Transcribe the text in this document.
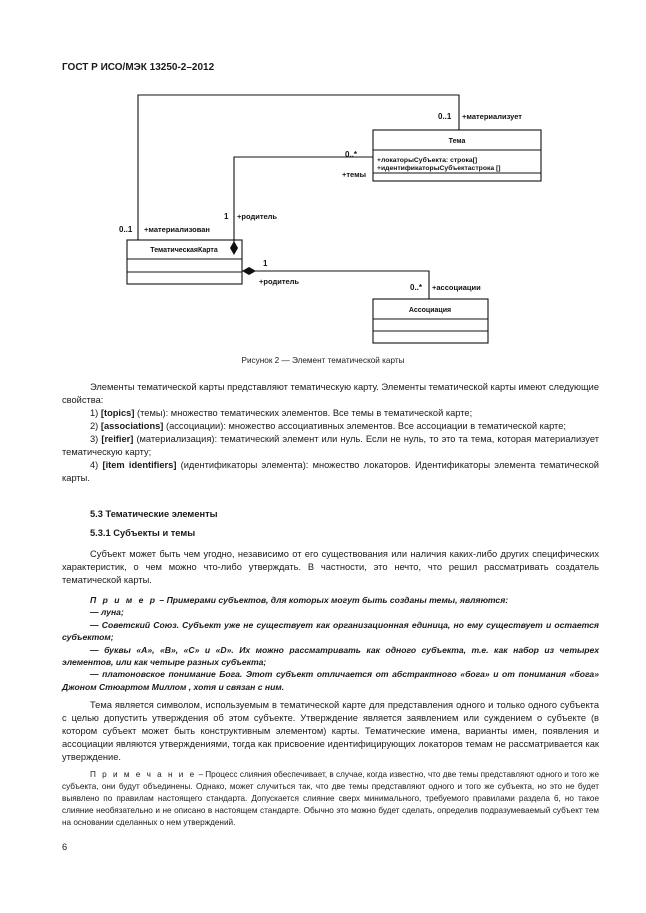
ГОСТ Р ИСО/МЭК 13250-2–2012
Тема
+локаторыСубъекта: строка[]
+идентификаторыСубъектастрока []
ТематическаяКарта
Ассоциация
0..1 +материализует
0..*
+темы
1 +родитель
0..1 +материализован
1
+родитель
0..* +ассоциации
Рисунок 2 — Элемент тематической карты

Элементы тематической карты представляют тематическую карту. Элементы тематической карты имеют следующие свойства:

1) [topics] (темы): множество тематических элементов. Все темы в тематической карте;

2) [associations] (ассоциации): множество ассоциативных элементов. Все ассоциации в тематической карте;

3) [reifier] (материализация): тематический элемент или нуль. Если не нуль, то это та тема, которая материализует тематическую карту;

4) [item identifiers] (идентификаторы элемента): множество локаторов. Идентификаторы элемента тематической карты.

5.3 Тематические элементы
5.3.1 Субъекты и темы

Субъект может быть чем угодно, независимо от его существования или наличия каких-либо других специфических характеристик, о чем можно что-либо утверждать. В частности, это нечто, что решил рассматривать создатель тематической карты.

П р и м е р – Примерами субъектов, для которых могут быть созданы темы, являются:

— луна;

— Советский Союз. Субъект уже не существует как организационная единица, но ему существует и остается субъектом;

— буквы «A», «B», «C» и «D». Их можно рассматривать как одного субъекта, т.е. как набор из четырех элементов, или как четыре разных субъекта;

— платоновское понимание Бога. Этот субъект отличается от абстрактного «бога» и от понимания «бога» Джоном Стюартом Миллом , хотя и связан с ним.

Тема является символом, используемым в тематической карте для представления одного и только одного субъекта с целью допустить утверждения об этом субъекте. Утверждение является заявлением или суждением о субъекте (в котором субъект может быть конструктивным элементом) карты. Тематические имена, варианты имен, появления и ассоциации являются утверждениями, тогда как присвоение идентифицирующих локаторов темам не рассматривается как утверждение.

П р и м е ч а н и е – Процесс слияния обеспечивает, в случае, когда известно, что две темы представляют одного и того же субъекта, они будут объединены. Однако, может случиться так, что две темы представляют одного и того же субъекта, но это не будет выявлено по правилам настоящего стандарта. Допускается слияние сверх минимального, требуемого правилами раздела 6, но такое слияние необязательно и не описано в настоящем стандарте. Обычно это можно будет сделать, определив подразумеваемый субъект тем на основании сделанных о нем утверждений.

6
